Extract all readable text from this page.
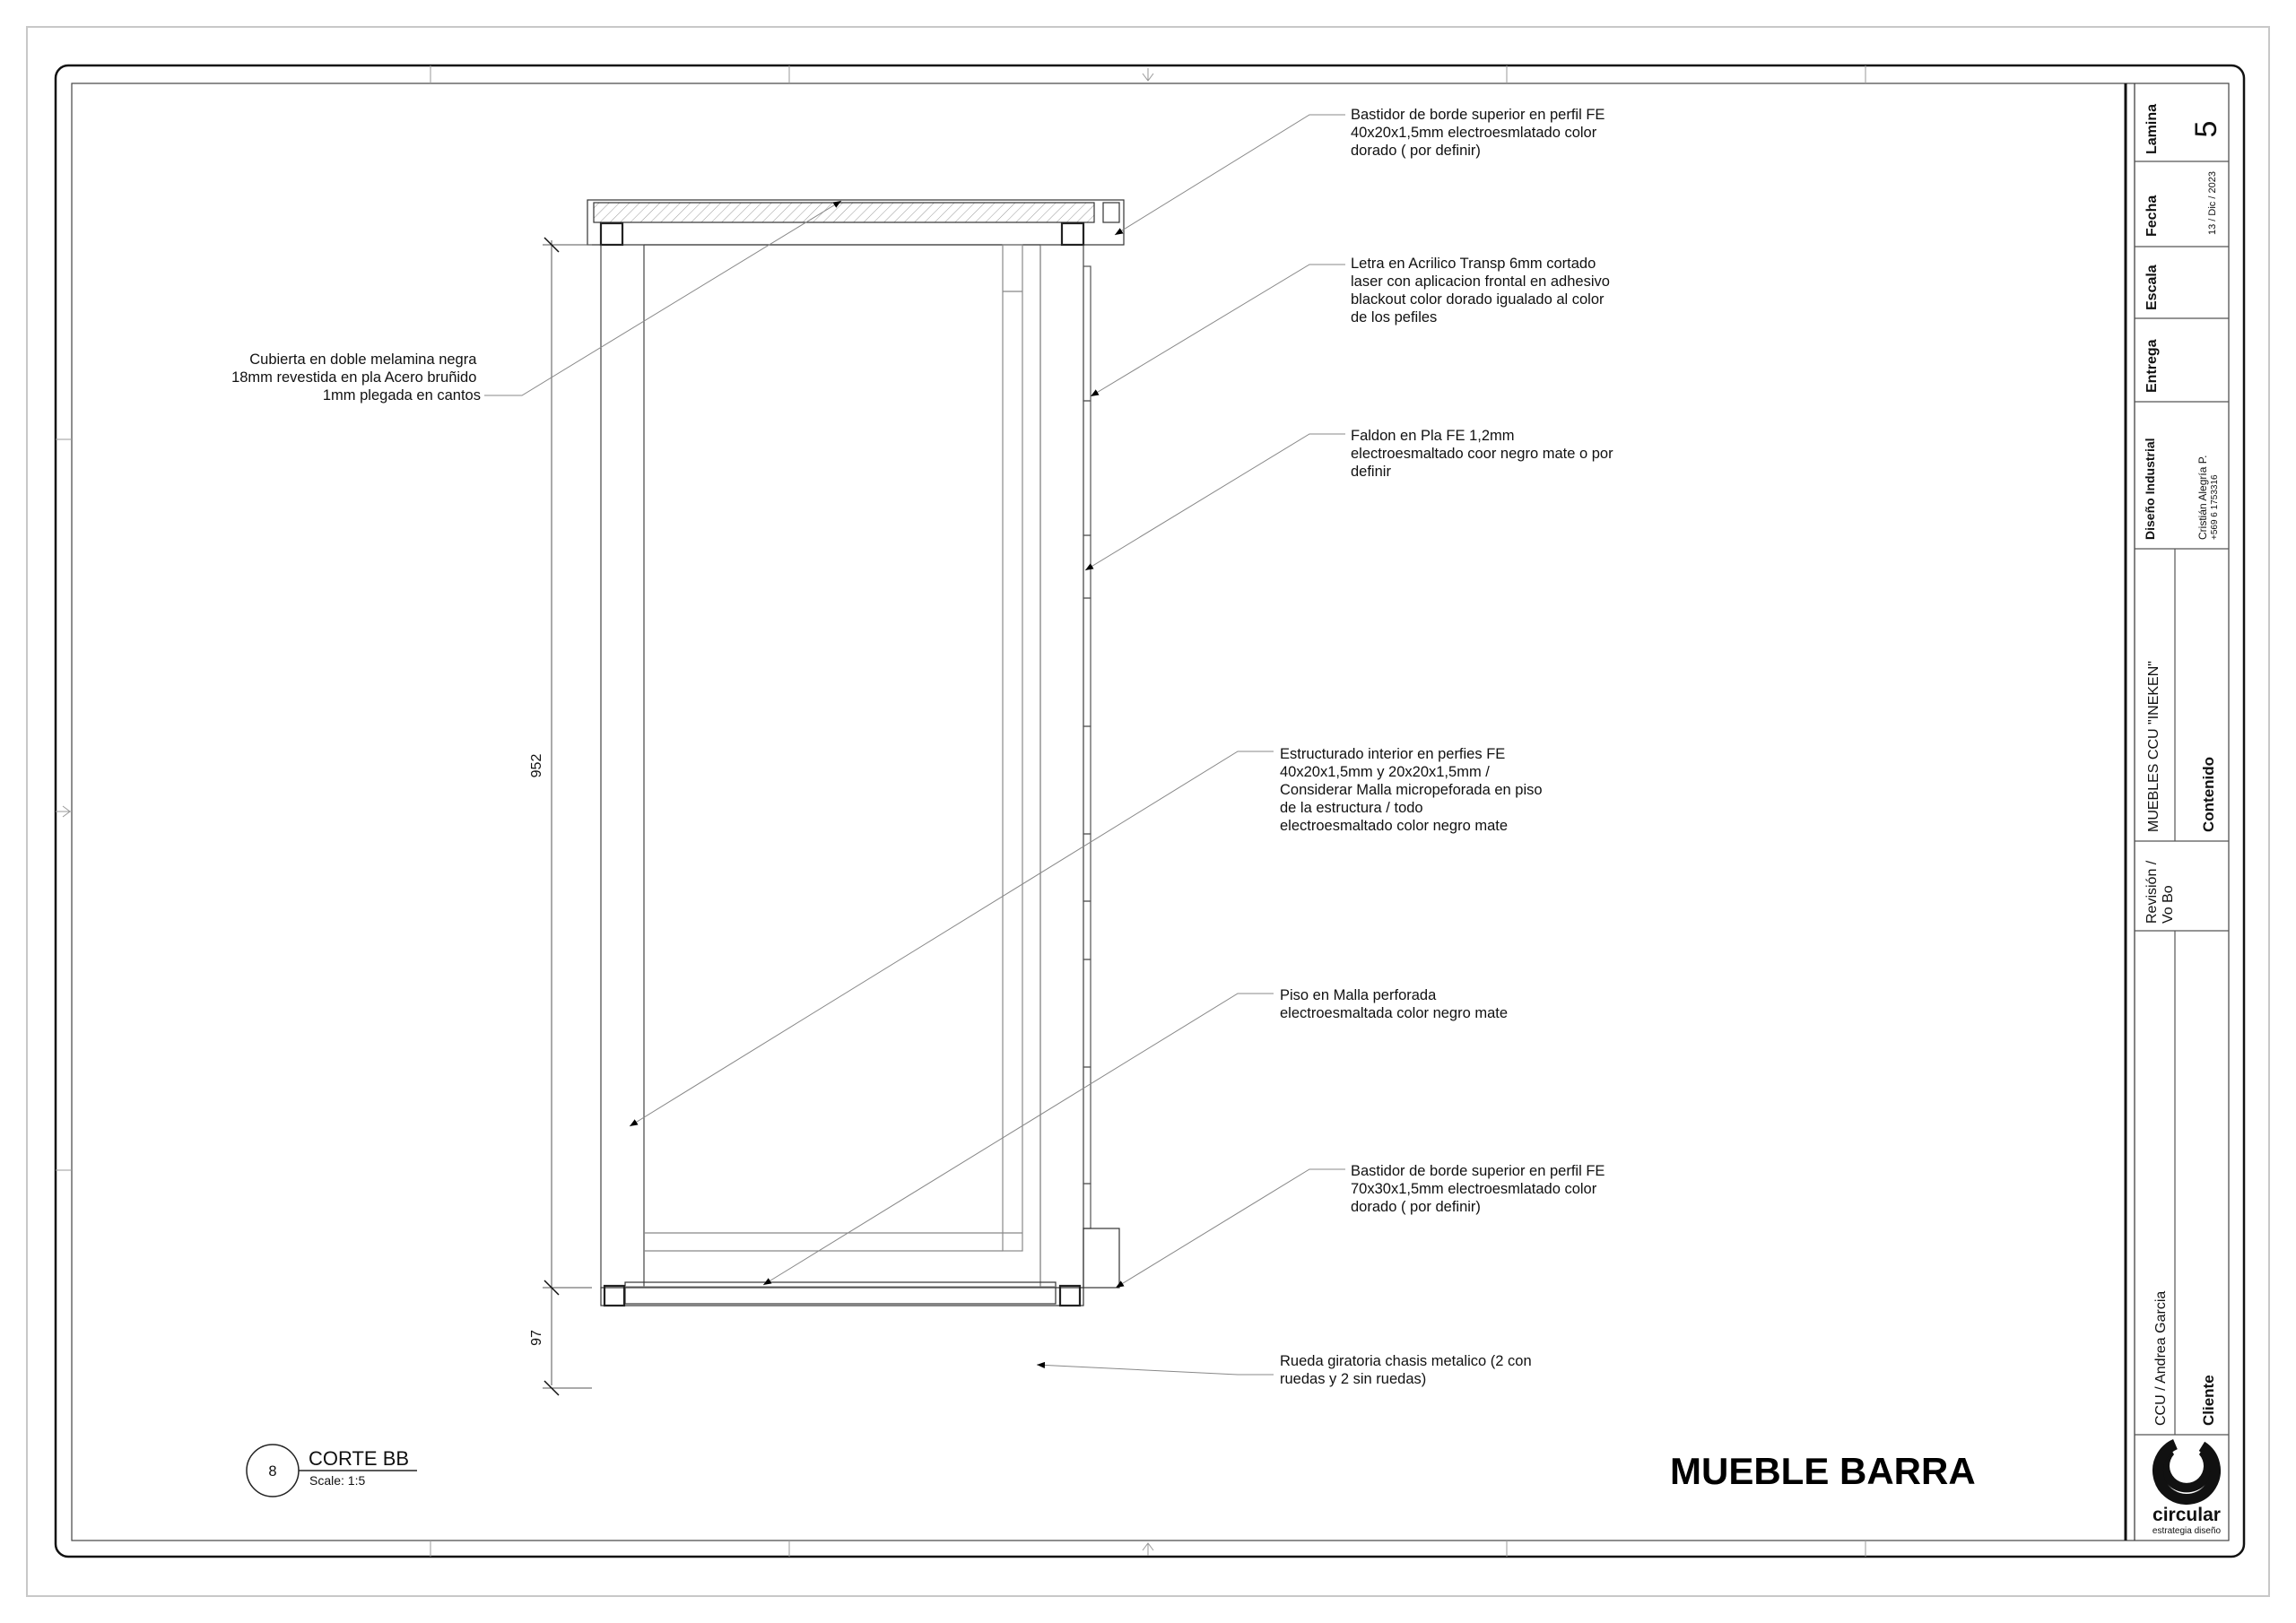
952
97
Cubierta en doble melamina negra 18mm revestida en pla Acero bruñido 1mm plegada en cantos
Bastidor de borde superior en perfil FE 40x20x1,5mm electroesmlatado color dorado ( por definir)
Letra en Acrilico Transp 6mm cortado laser con aplicacion frontal en adhesivo blackout color dorado igualado al color de los pefiles
Faldon en Pla FE 1,2mm electroesmaltado coor negro mate o por definir
Estructurado interior en perfies FE 40x20x1,5mm y 20x20x1,5mm / Considerar Malla micropeforada en piso de la estructura / todo electroesmaltado color negro mate
Piso en Malla perforada electroesmaltada color negro mate
Bastidor de borde superior en perfil FE 70x30x1,5mm electroesmlatado color dorado ( por definir)
Rueda giratoria chasis metalico (2 con ruedas y 2 sin ruedas)
8
CORTE BB
Scale: 1:5	MUEBLE BARRA
Lamina 5
Fecha	13 / Dic / 2023
Escala
Entrega
Diseño Industrial	Cristián Alegría P. +569 6 1753316
MUEBLES CCU "INEKEN"	Contenido
Revisión / Vo Bo
CCU / Andrea Garcia Cliente
circular
estrategia diseño
